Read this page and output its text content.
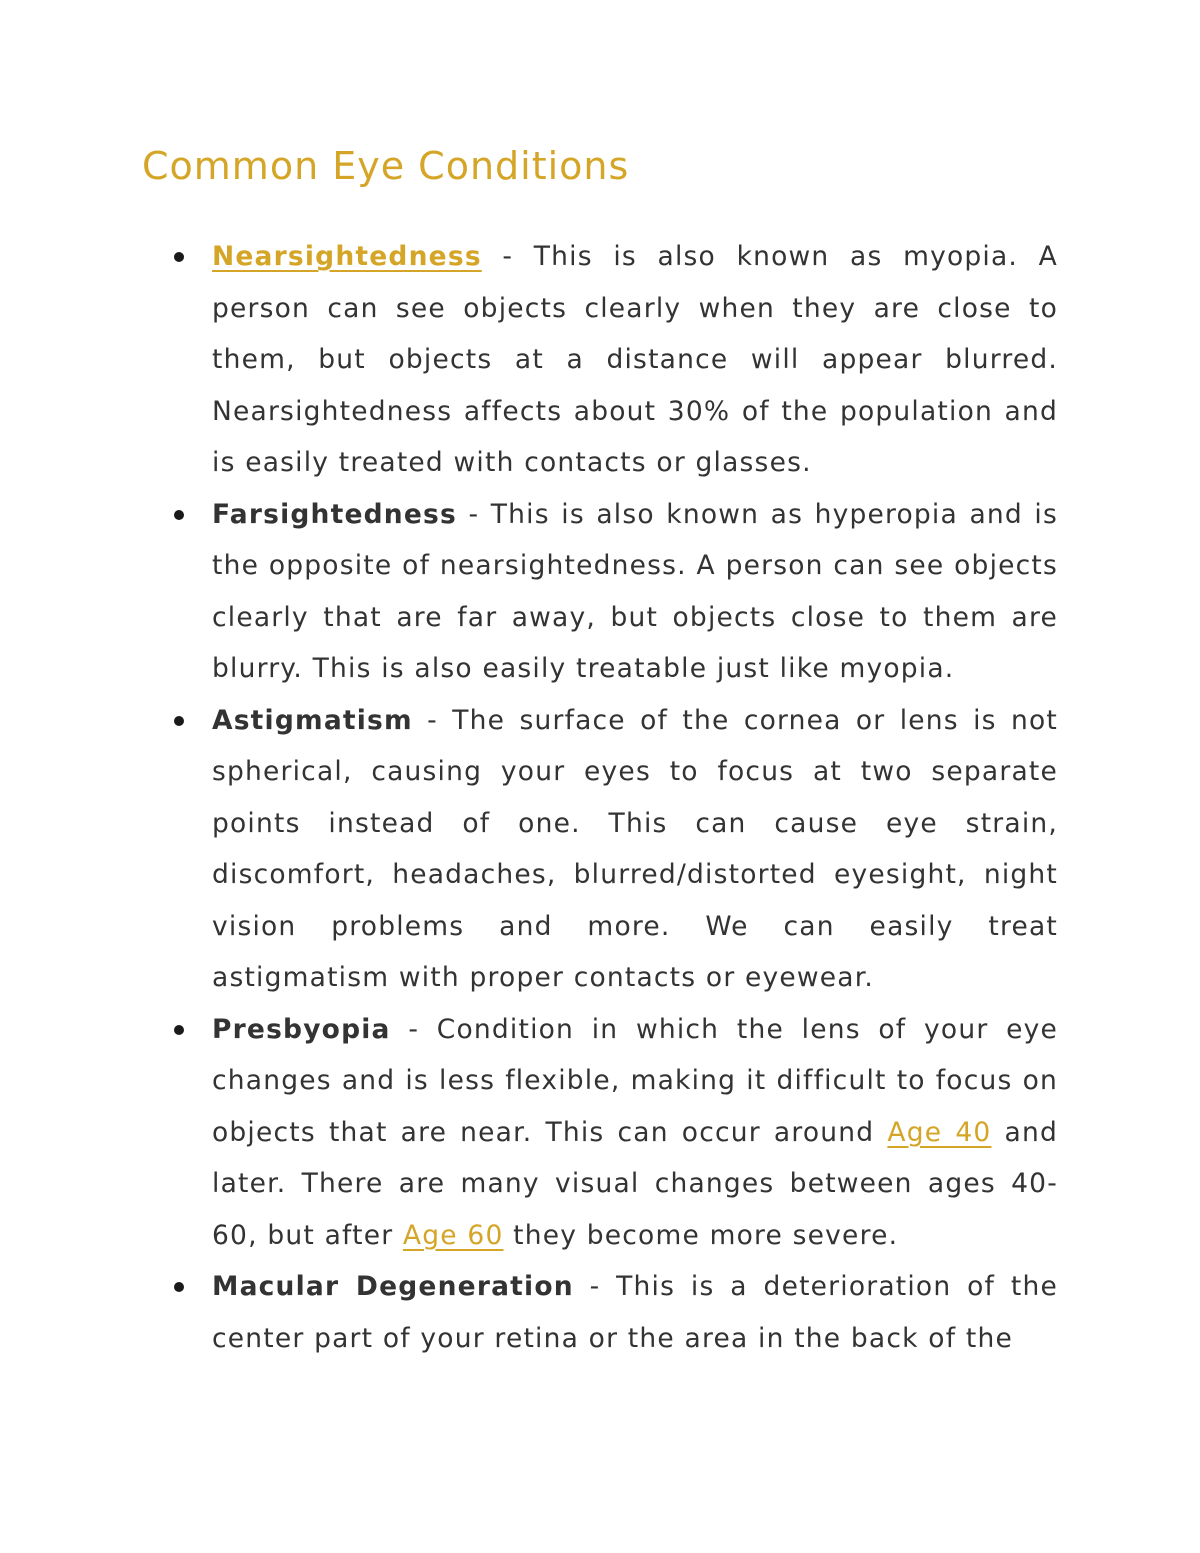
Common Eye Conditions
Nearsightedness - This is also known as myopia. A person can see objects clearly when they are close to them, but objects at a distance will appear blurred. Nearsightedness affects about 30% of the population and is easily treated with contacts or glasses.
Farsightedness - This is also known as hyperopia and is the opposite of nearsightedness. A person can see objects clearly that are far away, but objects close to them are blurry. This is also easily treatable just like myopia.
Astigmatism - The surface of the cornea or lens is not spherical, causing your eyes to focus at two separate points instead of one. This can cause eye strain, discomfort, headaches, blurred/distorted eyesight, night vision problems and more. We can easily treat astigmatism with proper contacts or eyewear.
Presbyopia - Condition in which the lens of your eye changes and is less flexible, making it difficult to focus on objects that are near. This can occur around Age 40 and later. There are many visual changes between ages 40-60, but after Age 60 they become more severe.
Macular Degeneration - This is a deterioration of the center part of your retina or the area in the back of the
